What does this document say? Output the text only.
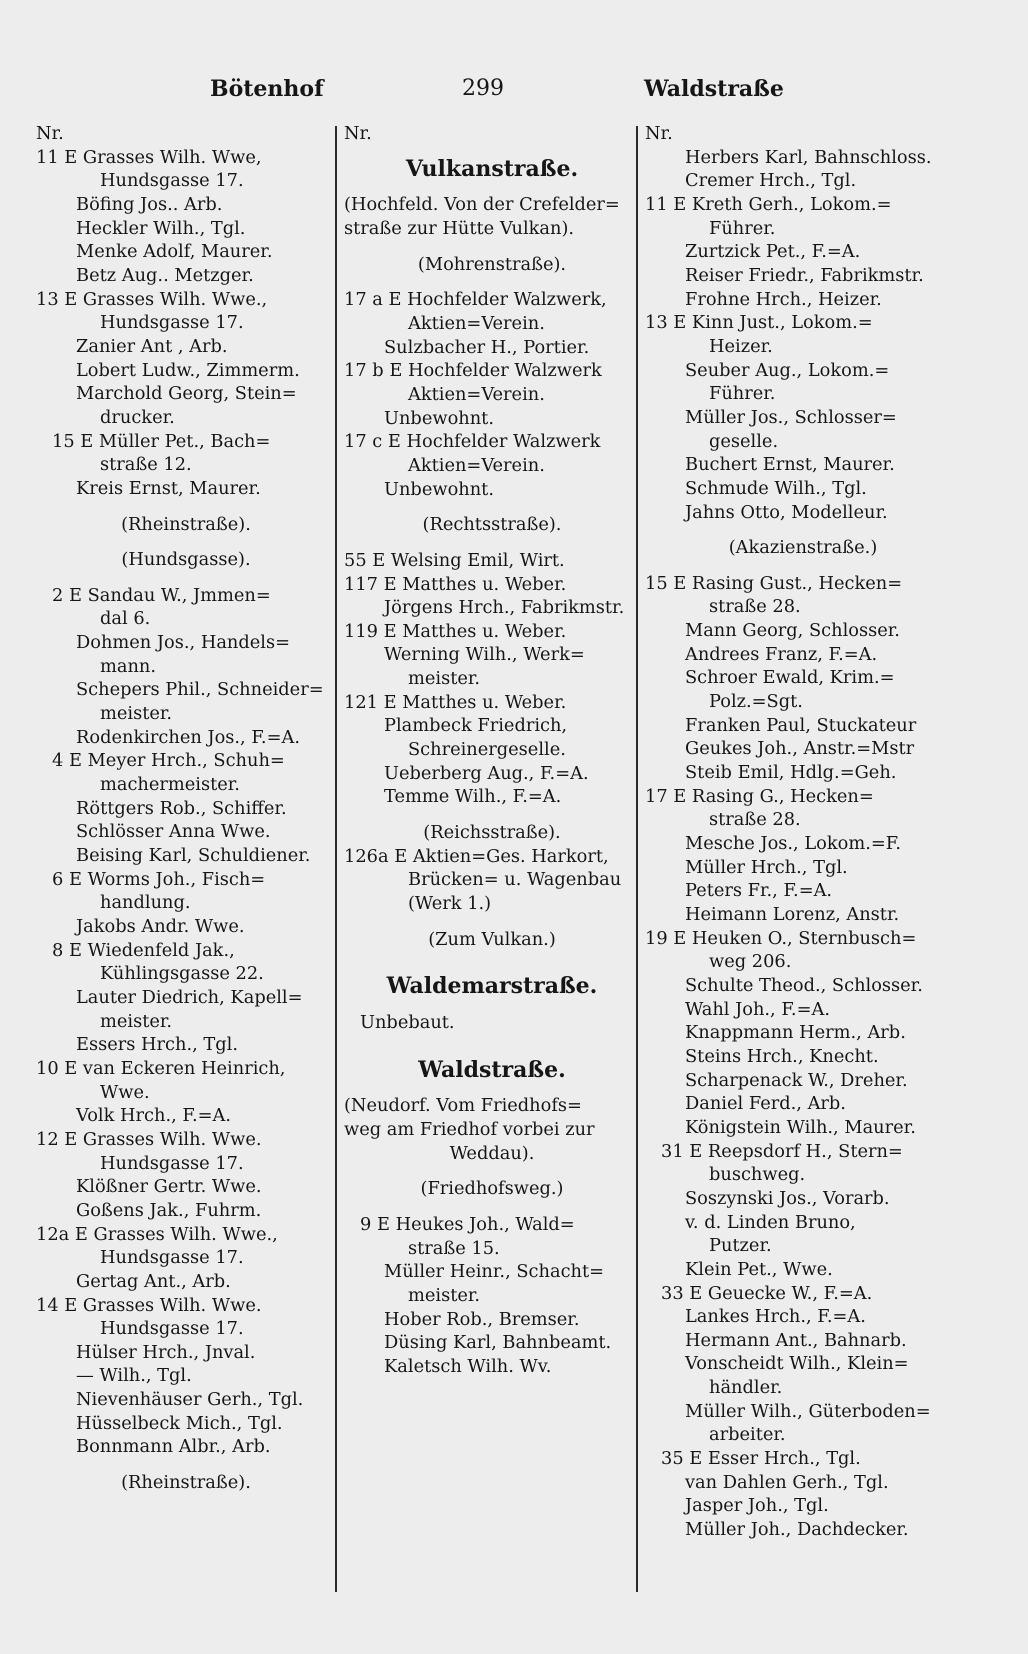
Bötenhof	299	Waldstraße
Nr.
11 E Grasses Wilh. Wwe,
Hundsgasse 17.
Böfing Jos.. Arb.
Heckler Wilh., Tgl.
Menke Adolf, Maurer.
Betz Aug.. Metzger.
13 E Grasses Wilh. Wwe.,
Hundsgasse 17.
Zanier Ant , Arb.
Lobert Ludw., Zimmerm.
Marchold Georg, Stein=
drucker.
15 E Müller Pet., Bach=
straße 12.
Kreis Ernst, Maurer.
(Rheinstraße).
(Hundsgasse).
2 E Sandau W., Jmmen=
dal 6.
Dohmen Jos., Handels=
mann.
Schepers Phil., Schneider=
meister.
Rodenkirchen Jos., F.=A.
4 E Meyer Hrch., Schuh=
machermeister.
Röttgers Rob., Schiffer.
Schlösser Anna Wwe.
Beising Karl, Schuldiener.
6 E Worms Joh., Fisch=
handlung.
Jakobs Andr. Wwe.
8 E Wiedenfeld Jak.,
Kühlingsgasse 22.
Lauter Diedrich, Kapell=
meister.
Essers Hrch., Tgl.
10 E van Eckeren Heinrich,
Wwe.
Volk Hrch., F.=A.
12 E Grasses Wilh. Wwe.
Hundsgasse 17.
Klößner Gertr. Wwe.
Goßens Jak., Fuhrm.
12a E Grasses Wilh. Wwe.,
Hundsgasse 17.
Gertag Ant., Arb.
14 E Grasses Wilh. Wwe.
Hundsgasse 17.
Hülser Hrch., Jnval.
— Wilh., Tgl.
Nievenhäuser Gerh., Tgl.
Hüsselbeck Mich., Tgl.
Bonnmann Albr., Arb.
(Rheinstraße).
Nr.
Vulkanstraße.
(Hochfeld. Von der Crefelder=
straße zur Hütte Vulkan).
(Mohrenstraße).
17 a E Hochfelder Walzwerk,
Aktien=Verein.
Sulzbacher H., Portier.
17 b E Hochfelder Walzwerk
Aktien=Verein.
Unbewohnt.
17 c E Hochfelder Walzwerk
Aktien=Verein.
Unbewohnt.
(Rechtsstraße).
55 E Welsing Emil, Wirt.
117 E Matthes u. Weber.
Jörgens Hrch., Fabrikmstr.
119 E Matthes u. Weber.
Werning Wilh., Werk=
meister.
121 E Matthes u. Weber.
Plambeck Friedrich,
Schreinergeselle.
Ueberberg Aug., F.=A.
Temme Wilh., F.=A.
(Reichsstraße).
126a E Aktien=Ges. Harkort,
Brücken= u. Wagenbau
(Werk 1.)
(Zum Vulkan.)
Waldemarstraße.
Unbebaut.
Waldstraße.
(Neudorf. Vom Friedhofs=
weg am Friedhof vorbei zur
Weddau).
(Friedhofsweg.)
9 E Heukes Joh., Wald=
straße 15.
Müller Heinr., Schacht=
meister.
Hober Rob., Bremser.
Düsing Karl, Bahnbeamt.
Kaletsch Wilh. Wv.
Nr.
Herbers Karl, Bahnschloss.
Cremer Hrch., Tgl.
11 E Kreth Gerh., Lokom.=
Führer.
Zurtzick Pet., F.=A.
Reiser Friedr., Fabrikmstr.
Frohne Hrch., Heizer.
13 E Kinn Just., Lokom.=
Heizer.
Seuber Aug., Lokom.=
Führer.
Müller Jos., Schlosser=
geselle.
Buchert Ernst, Maurer.
Schmude Wilh., Tgl.
Jahns Otto, Modelleur.
(Akazienstraße.)
15 E Rasing Gust., Hecken=
straße 28.
Mann Georg, Schlosser.
Andrees Franz, F.=A.
Schroer Ewald, Krim.=
Polz.=Sgt.
Franken Paul, Stuckateur
Geukes Joh., Anstr.=Mstr
Steib Emil, Hdlg.=Geh.
17 E Rasing G., Hecken=
straße 28.
Mesche Jos., Lokom.=F.
Müller Hrch., Tgl.
Peters Fr., F.=A.
Heimann Lorenz, Anstr.
19 E Heuken O., Sternbusch=
weg 206.
Schulte Theod., Schlosser.
Wahl Joh., F.=A.
Knappmann Herm., Arb.
Steins Hrch., Knecht.
Scharpenack W., Dreher.
Daniel Ferd., Arb.
Königstein Wilh., Maurer.
31 E Reepsdorf H., Stern=
buschweg.
Soszynski Jos., Vorarb.
v. d. Linden Bruno,
Putzer.
Klein Pet., Wwe.
33 E Geuecke W., F.=A.
Lankes Hrch., F.=A.
Hermann Ant., Bahnarb.
Vonscheidt Wilh., Klein=
händler.
Müller Wilh., Güterboden=
arbeiter.
35 E Esser Hrch., Tgl.
van Dahlen Gerh., Tgl.
Jasper Joh., Tgl.
Müller Joh., Dachdecker.
